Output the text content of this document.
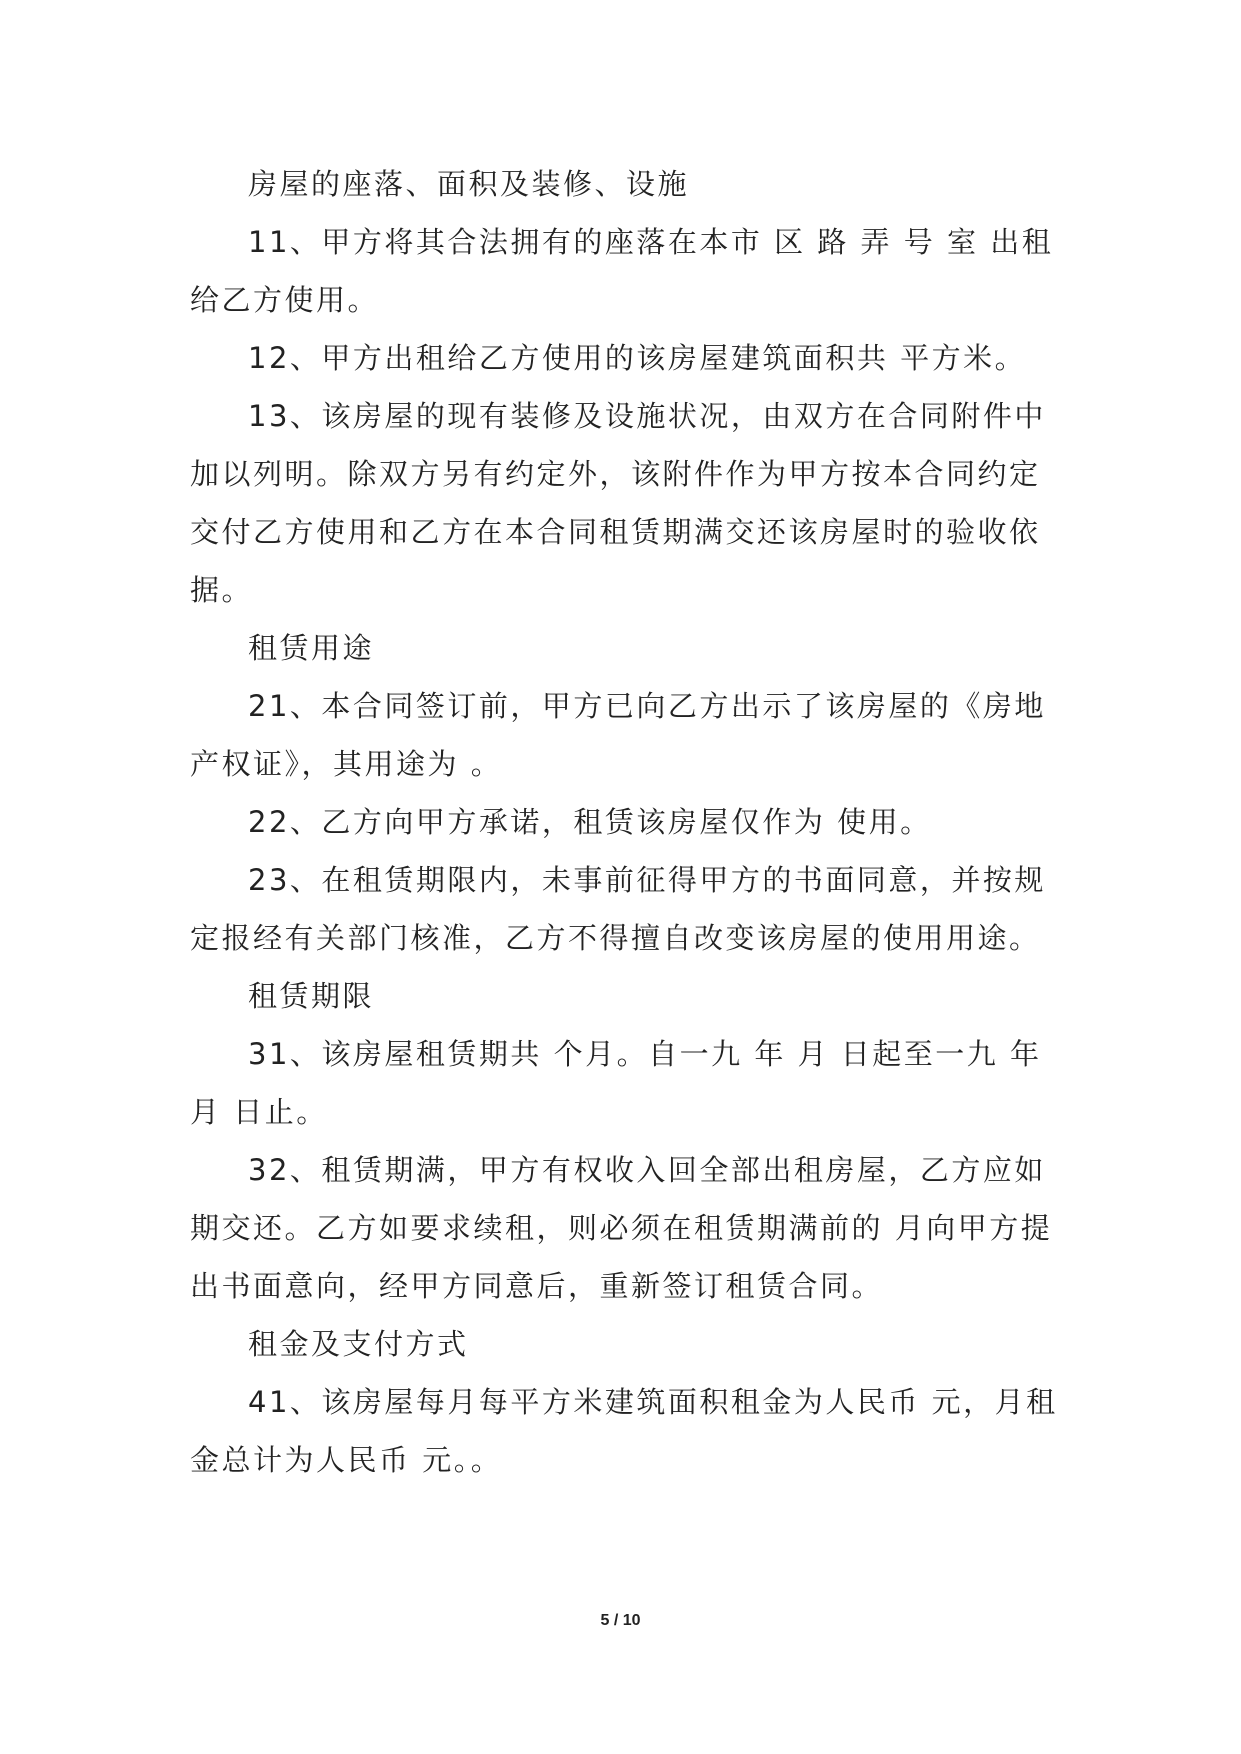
房屋的座落、面积及装修、设施

11、甲方将其合法拥有的座落在本市 区 路 弄 号 室 出租给乙方使用。

12、甲方出租给乙方使用的该房屋建筑面积共 平方米。

13、该房屋的现有装修及设施状况，由双方在合同附件中加以列明。除双方另有约定外，该附件作为甲方按本合同约定交付乙方使用和乙方在本合同租赁期满交还该房屋时的验收依据。

租赁用途

21、本合同签订前，甲方已向乙方出示了该房屋的《房地产权证》，其用途为 。

22、乙方向甲方承诺，租赁该房屋仅作为 使用。

23、在租赁期限内，未事前征得甲方的书面同意，并按规定报经有关部门核准，乙方不得擅自改变该房屋的使用用途。

租赁期限

31、该房屋租赁期共 个月。自一九 年 月 日起至一九 年 月 日止。

32、租赁期满，甲方有权收入回全部出租房屋，乙方应如期交还。乙方如要求续租，则必须在租赁期满前的 月向甲方提出书面意向，经甲方同意后，重新签订租赁合同。

租金及支付方式

41、该房屋每月每平方米建筑面积租金为人民币 元，月租金总计为人民币 元。。

5 / 10
